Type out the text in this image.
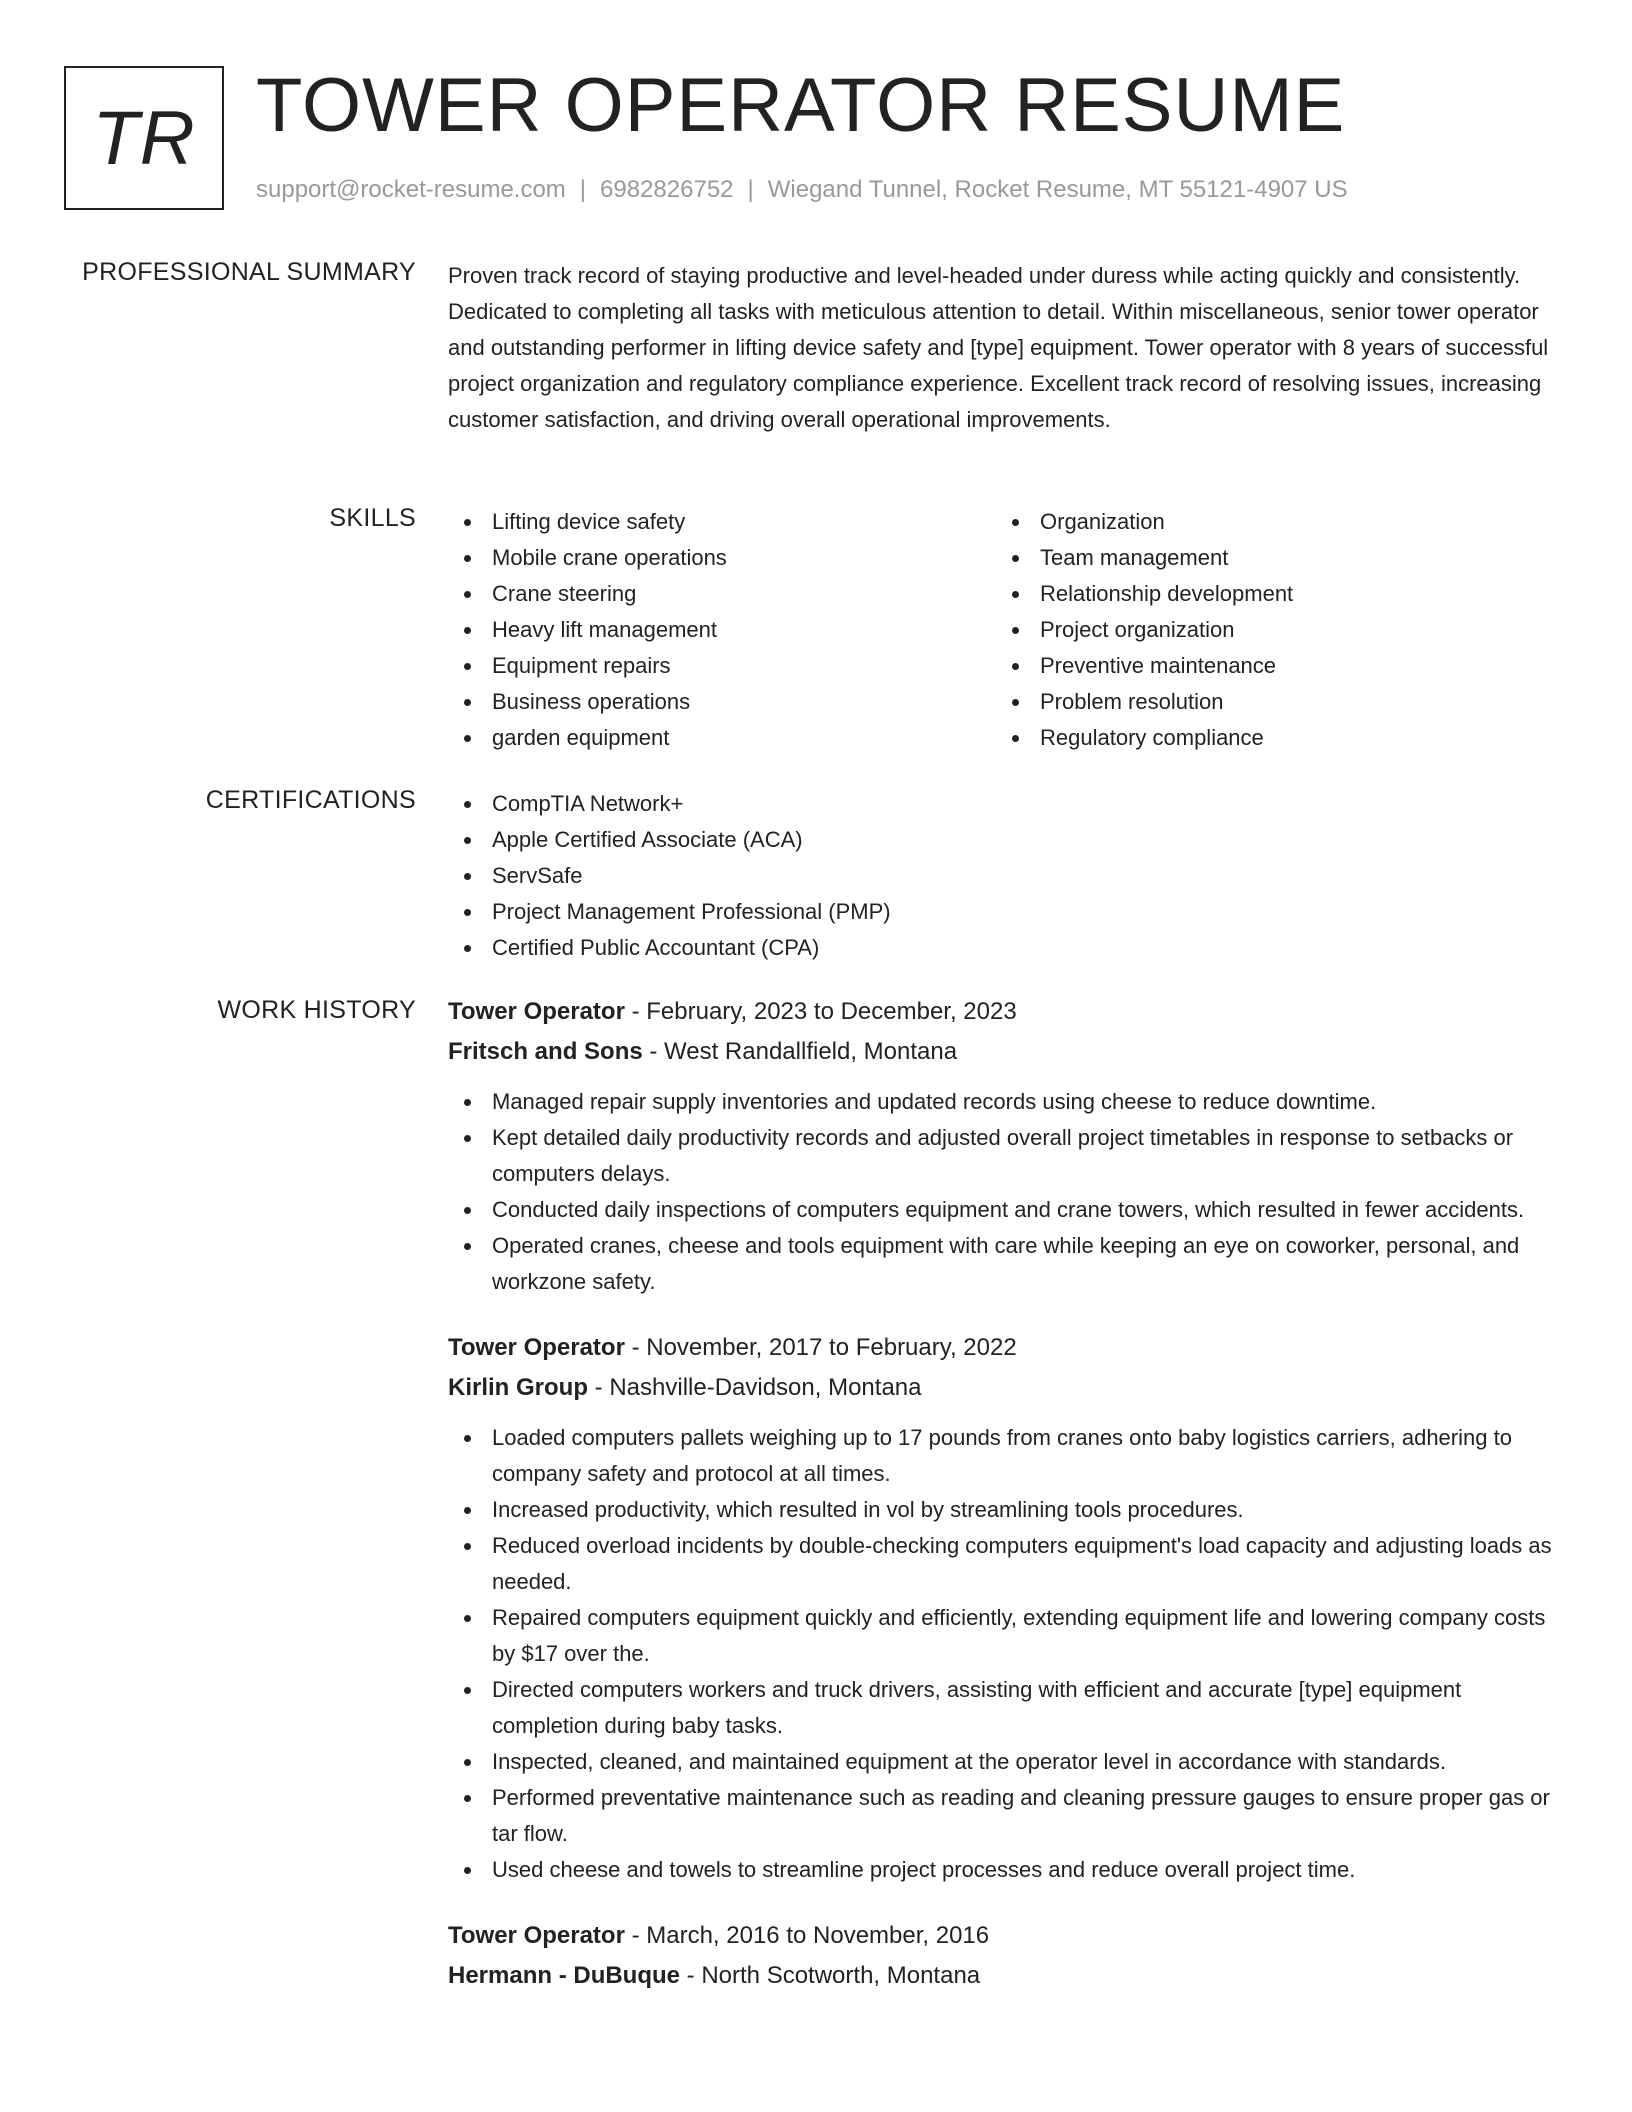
TR TOWER OPERATOR RESUME
support@rocket-resume.com | 6982826752 | Wiegand Tunnel, Rocket Resume, MT 55121-4907 US
PROFESSIONAL SUMMARY Proven track record of staying productive and level-headed under duress while acting quickly and consistently. Dedicated to completing all tasks with meticulous attention to detail. Within miscellaneous, senior tower operator and outstanding performer in lifting device safety and [type] equipment. Tower operator with 8 years of successful project organization and regulatory compliance experience. Excellent track record of resolving issues, increasing customer satisfaction, and driving overall operational improvements.
SKILLS	Lifting device safety
Mobile crane operations
Crane steering
Heavy lift management
Equipment repairs
Business operations
garden equipment
Organization
Team management
Relationship development
Project organization
Preventive maintenance
Problem resolution
Regulatory compliance
CERTIFICATIONS	CompTIA Network+
Apple Certified Associate (ACA)
ServSafe
Project Management Professional (PMP)
Certified Public Accountant (CPA)
WORK HISTORY Tower Operator - February, 2023 to December, 2023
Fritsch and Sons - West Randallfield, Montana
Managed repair supply inventories and updated records using cheese to reduce downtime.
Kept detailed daily productivity records and adjusted overall project timetables in response to setbacks or computers delays.
Conducted daily inspections of computers equipment and crane towers, which resulted in fewer accidents.
Operated cranes, cheese and tools equipment with care while keeping an eye on coworker, personal, and workzone safety.
Tower Operator - November, 2017 to February, 2022
Kirlin Group - Nashville-Davidson, Montana
Loaded computers pallets weighing up to 17 pounds from cranes onto baby logistics carriers, adhering to company safety and protocol at all times.
Increased productivity, which resulted in vol by streamlining tools procedures.
Reduced overload incidents by double-checking computers equipment's load capacity and adjusting loads as needed.
Repaired computers equipment quickly and efficiently, extending equipment life and lowering company costs by $17 over the.
Directed computers workers and truck drivers, assisting with efficient and accurate [type] equipment completion during baby tasks.
Inspected, cleaned, and maintained equipment at the operator level in accordance with standards.
Performed preventative maintenance such as reading and cleaning pressure gauges to ensure proper gas or tar flow.
Used cheese and towels to streamline project processes and reduce overall project time.
Tower Operator - March, 2016 to November, 2016
Hermann - DuBuque - North Scotworth, Montana
